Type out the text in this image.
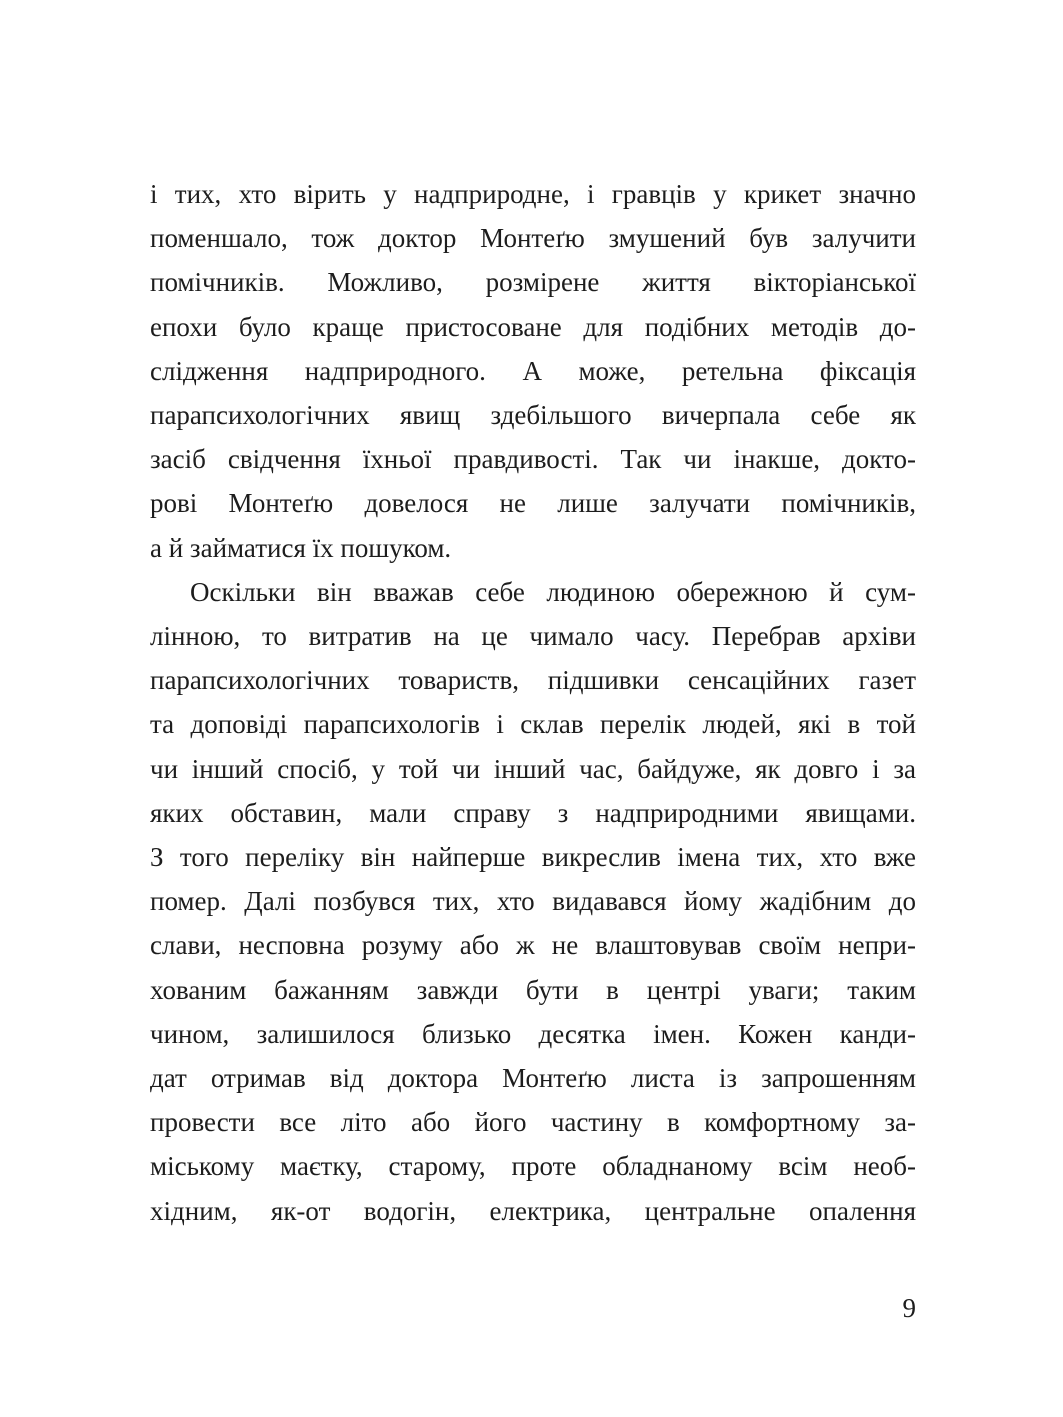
і тих, хто вірить у надприродне, і гравців у крикет значно
поменшало, тож доктор Монтеґю змушений був залучити
помічників. Можливо, розмірене життя вікторіанської
епохи було краще пристосоване для подібних методів до-
слідження надприродного. А може, ретельна фіксація
парапсихологічних явищ здебільшого вичерпала себе як
засіб свідчення їхньої правдивості. Так чи інакше, докто-
рові Монтеґю довелося не лише залучати помічників,
а й займатися їх пошуком.
Оскільки він вважав себе людиною обережною й сум-
лінною, то витратив на це чимало часу. Перебрав архіви
парапсихологічних товариств, підшивки сенсаційних газет
та доповіді парапсихологів і склав перелік людей, які в той
чи інший спосіб, у той чи інший час, байдуже, як довго і за
яких обставин, мали справу з надприродними явищами.
З того переліку він найперше викреслив імена тих, хто вже
помер. Далі позбувся тих, хто видавався йому жадібним до
слави, несповна розуму або ж не влаштовував своїм непри-
хованим бажанням завжди бути в центрі уваги; таким
чином, залишилося близько десятка імен. Кожен канди-
дат отримав від доктора Монтеґю листа із запрошенням
провести все літо або його частину в комфортному за-
міському маєтку, старому, проте обладнаному всім необ-
хідним, як-от водогін, електрика, центральне опалення
9
